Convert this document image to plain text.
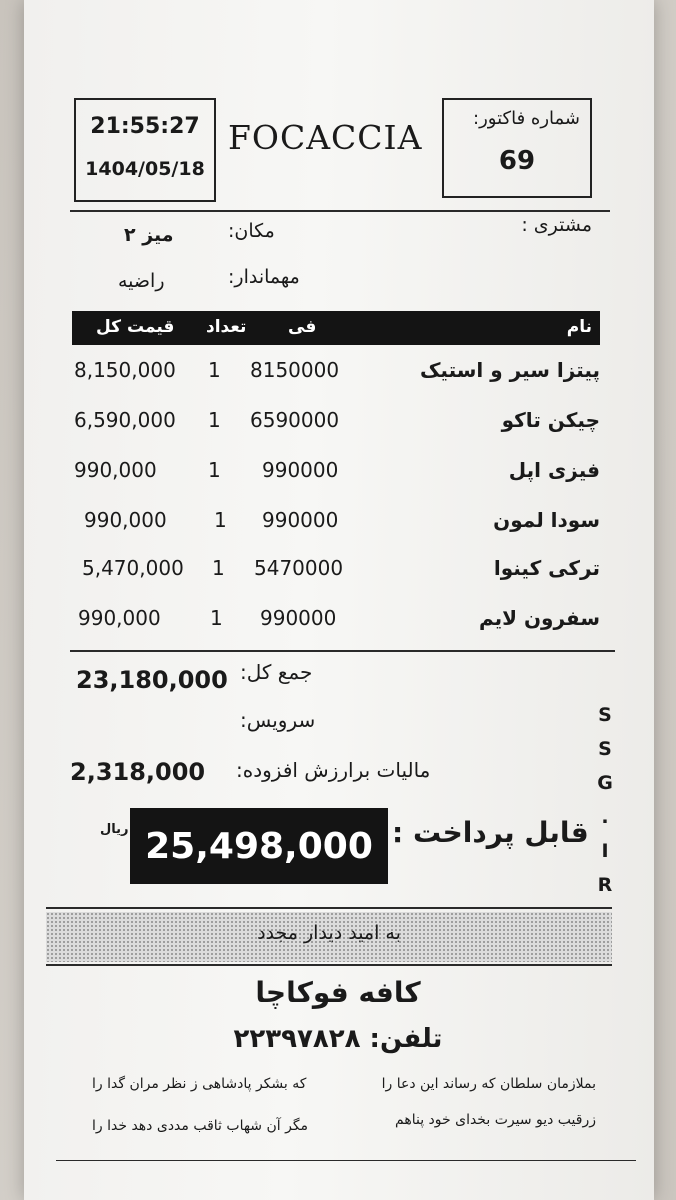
21:55:27
1404/05/18
FOCACCIA	شماره فاکتور:
69
مشتری :
مکان:
میز ۲
مهماندار:
راضیه
نام
فی
تعداد
قیمت کل
پیتزا سیر و استیک
8150000
1
8,150,000
چیکن تاکو
6590000
1
6,590,000
فیزی اپل
990000
1
990,000
سودا لمون
990000
1
990,000
ترکی کینوا
5470000
1
5,470,000
سفرون لایم
990000
1
990,000
جمع کل:
23,180,000
سرویس:
مالیات برارزش افزوده:
2,318,000
S
S
G
.
I
R
ریال 25,498,000 قابل پرداخت :
به امید دیدار مجدد
کافه فوکاچا
تلفن: ۲۲۳۹۷۸۲۸
بملازمان سلطان که رساند این دعا را
که بشکر پادشاهی ز نظر مران گدا را
زرقیب دیو سیرت بخدای خود پناهم
مگر آن شهاب ثاقب مددی دهد خدا را
